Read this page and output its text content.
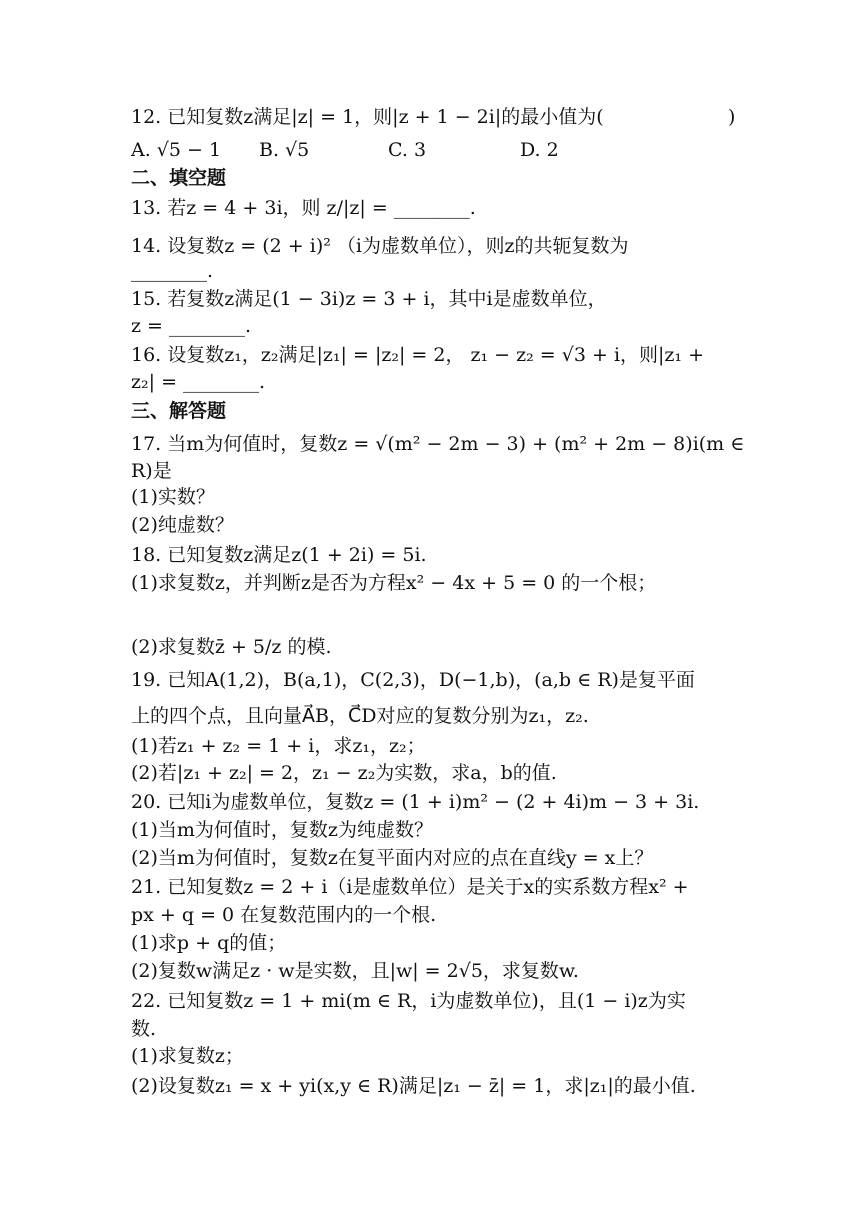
12. 已知复数z满足|z| = 1，则|z + 1 − 2i|的最小值为(	)
A. √5 − 1 B. √5	C. 3	D. 2
二、填空题
13. 若z = 4 + 3i，则 z/|z| = ________.
14. 设复数z = (2 + i)² （i为虚数单位），则z的共轭复数为
________.
15. 若复数z满足(1 − 3i)z = 3 + i，其中i是虚数单位，
z = ________.
16. 设复数z₁，z₂满足|z₁| = |z₂| = 2， z₁ − z₂ = √3 + i，则|z₁ +
z₂| = ________.
三、解答题
17. 当m为何值时，复数z = √(m² − 2m − 3) + (m² + 2m − 8)i(m ∈
R)是
(1)实数？
(2)纯虚数？
18. 已知复数z满足z(1 + 2i) = 5i.
(1)求复数z，并判断z是否为方程x² − 4x + 5 = 0 的一个根；
(2)求复数z̄ + 5/z 的模.
19. 已知A(1,2)，B(a,1)，C(2,3)，D(−1,b)，(a,b ∈ R)是复平面
上的四个点，且向量A⃗B，C⃗D对应的复数分别为z₁，z₂.
(1)若z₁ + z₂ = 1 + i，求z₁，z₂；
(2)若|z₁ + z₂| = 2，z₁ − z₂为实数，求a，b的值.
20. 已知i为虚数单位，复数z = (1 + i)m² − (2 + 4i)m − 3 + 3i.
(1)当m为何值时，复数z为纯虚数？
(2)当m为何值时，复数z在复平面内对应的点在直线y = x上？
21. 已知复数z = 2 + i（i是虚数单位）是关于x的实系数方程x² +
px + q = 0 在复数范围内的一个根.
(1)求p + q的值；
(2)复数w满足z · w是实数，且|w| = 2√5，求复数w.
22. 已知复数z = 1 + mi(m ∈ R，i为虚数单位)，且(1 − i)z为实
数.
(1)求复数z；
(2)设复数z₁ = x + yi(x,y ∈ R)满足|z₁ − z̄| = 1，求|z₁|的最小值.
